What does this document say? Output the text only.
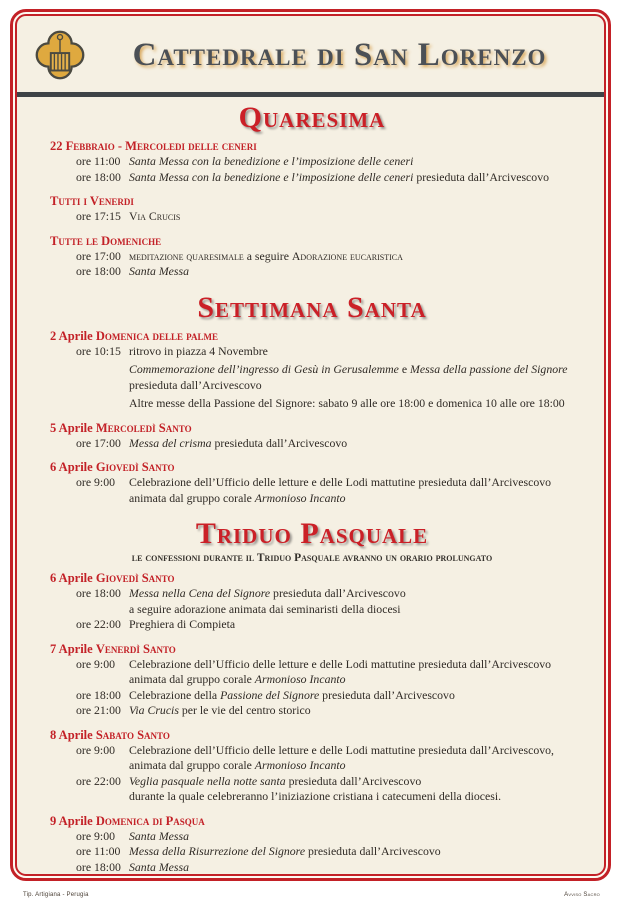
Cattedrale di San Lorenzo
Quaresima
22 Febbraio - Mercoledi delle ceneri
ore 11:00 Santa Messa con la benedizione e l’imposizione delle ceneri
ore 18:00 Santa Messa con la benedizione e l’imposizione delle ceneri presieduta dall’Arcivescovo
Tutti i Venerdi
ore 17:15 Via Crucis
Tutte le Domeniche
ore 17:00 meditazione quaresimale a seguire Adorazione eucaristica
ore 18:00 Santa Messa
Settimana Santa
2 Aprile Domenica delle palme
ore 10:15 ritrovo in piazza 4 Novembre
Commemorazione dell’ingresso di Gesù in Gerusalemme e Messa della passione del Signore
presieduta dall’Arcivescovo
Altre messe della Passione del Signore: sabato 9 alle ore 18:00 e domenica 10 alle ore 18:00
5 Aprile Mercoledì Santo
ore 17:00 Messa del crisma presieduta dall’Arcivescovo
6 Aprile Giovedì Santo
ore 9:00	Celebrazione dell’Ufficio delle letture e delle Lodi mattutine presieduta dall’Arcivescovo
animata dal gruppo corale Armonioso Incanto
Triduo Pasquale
le confessioni durante il Triduo Pasquale avranno un orario prolungato
6 Aprile Giovedì Santo
ore 18:00 Messa nella Cena del Signore presieduta dall’Arcivescovo
a seguire adorazione animata dai seminaristi della diocesi
ore 22:00 Preghiera di Compieta
7 Aprile Venerdì Santo
ore 9:00	Celebrazione dell’Ufficio delle letture e delle Lodi mattutine presieduta dall’Arcivescovo
animata dal gruppo corale Armonioso Incanto
ore 18:00 Celebrazione della Passione del Signore presieduta dall’Arcivescovo
ore 21:00 Via Crucis per le vie del centro storico
8 Aprile Sabato Santo
ore 9:00	Celebrazione dell’Ufficio delle letture e delle Lodi mattutine presieduta dall’Arcivescovo,
animata dal gruppo corale Armonioso Incanto
ore 22:00 Veglia pasquale nella notte santa presieduta dall’Arcivescovo
durante la quale celebreranno l’iniziazione cristiana i catecumeni della diocesi.
9 Aprile Domenica di Pasqua
ore 9:00	Santa Messa
ore 11:00 Messa della Risurrezione del Signore presieduta dall’Arcivescovo
ore 18:00 Santa Messa
Tip. Artigiana - Perugia	Avviso Sacro
